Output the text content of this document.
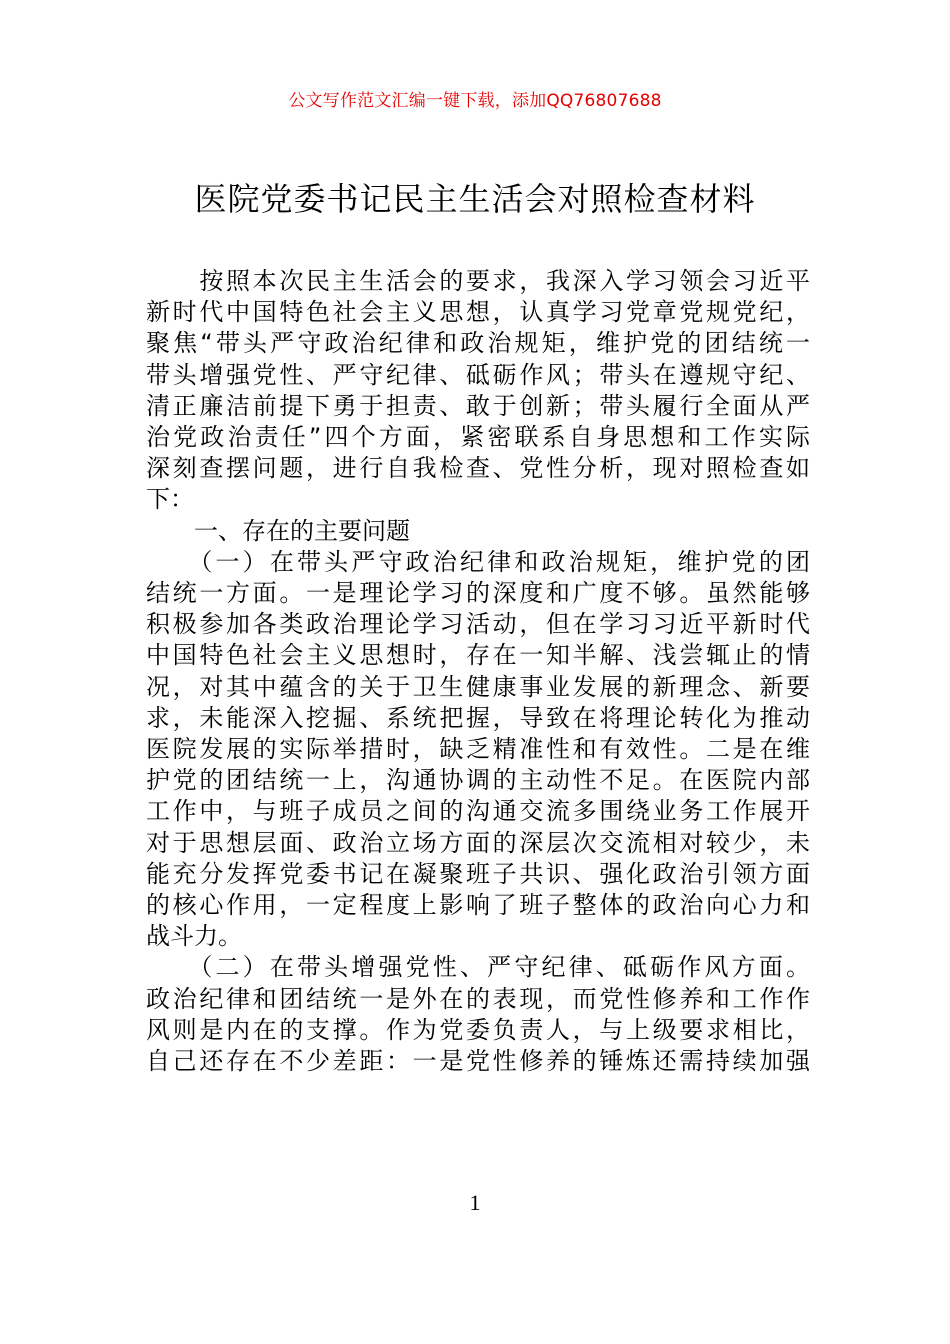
公文写作范文汇编一键下载，添加QQ76807688
医院党委书记民主生活会对照检查材料
　　按照本次民主生活会的要求，我深入学习领会习近平
新时代中国特色社会主义思想，认真学习党章党规党纪，
聚焦“带头严守政治纪律和政治规矩，维护党的团结统一
带头增强党性、严守纪律、砥砺作风；带头在遵规守纪、
清正廉洁前提下勇于担责、敢于创新；带头履行全面从严
治党政治责任”四个方面，紧密联系自身思想和工作实际
深刻查摆问题，进行自我检查、党性分析，现对照检查如
下：
　　一、存在的主要问题
　　（一）在带头严守政治纪律和政治规矩，维护党的团
结统一方面。一是理论学习的深度和广度不够。虽然能够
积极参加各类政治理论学习活动，但在学习习近平新时代
中国特色社会主义思想时，存在一知半解、浅尝辄止的情
况，对其中蕴含的关于卫生健康事业发展的新理念、新要
求，未能深入挖掘、系统把握，导致在将理论转化为推动
医院发展的实际举措时，缺乏精准性和有效性。二是在维
护党的团结统一上，沟通协调的主动性不足。在医院内部
工作中，与班子成员之间的沟通交流多围绕业务工作展开
对于思想层面、政治立场方面的深层次交流相对较少，未
能充分发挥党委书记在凝聚班子共识、强化政治引领方面
的核心作用，一定程度上影响了班子整体的政治向心力和
战斗力。
　　（二）在带头增强党性、严守纪律、砥砺作风方面。
政治纪律和团结统一是外在的表现，而党性修养和工作作
风则是内在的支撑。作为党委负责人，与上级要求相比，
自己还存在不少差距：一是党性修养的锤炼还需持续加强
1
